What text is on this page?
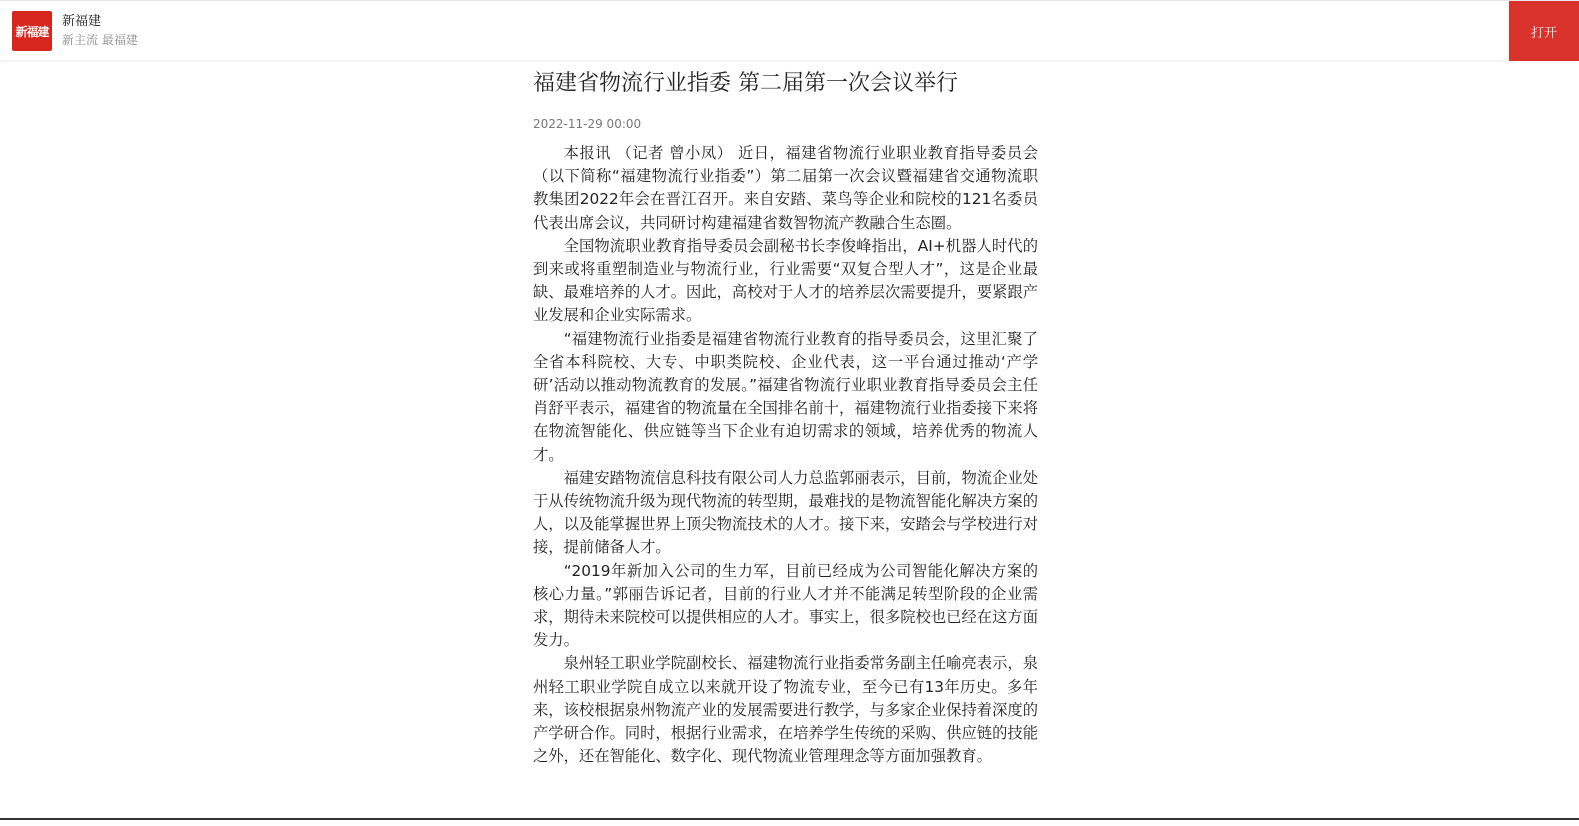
新福建
新福建
新主流 最福建	打开
福建省物流行业指委 第二届第一次会议举行
2022-11-29 00:00

本报讯 （记者 曾小凤） 近日，福建省物流行业职业教育指导委员会（以下简称“福建物流行业指委”）第二届第一次会议暨福建省交通物流职教集团2022年会在晋江召开。来自安踏、菜鸟等企业和院校的121名委员代表出席会议，共同研讨构建福建省数智物流产教融合生态圈。

全国物流职业教育指导委员会副秘书长李俊峰指出，AI+机器人时代的到来或将重塑制造业与物流行业，行业需要“双复合型人才”，这是企业最缺、最难培养的人才。因此，高校对于人才的培养层次需要提升，要紧跟产业发展和企业实际需求。

“福建物流行业指委是福建省物流行业教育的指导委员会，这里汇聚了全省本科院校、大专、中职类院校、企业代表，这一平台通过推动‘产学研’活动以推动物流教育的发展。”福建省物流行业职业教育指导委员会主任肖舒平表示，福建省的物流量在全国排名前十，福建物流行业指委接下来将在物流智能化、供应链等当下企业有迫切需求的领域，培养优秀的物流人才。

福建安踏物流信息科技有限公司人力总监郭丽表示，目前，物流企业处于从传统物流升级为现代物流的转型期，最难找的是物流智能化解决方案的人，以及能掌握世界上顶尖物流技术的人才。接下来，安踏会与学校进行对接，提前储备人才。

“2019年新加入公司的生力军，目前已经成为公司智能化解决方案的核心力量。”郭丽告诉记者，目前的行业人才并不能满足转型阶段的企业需求，期待未来院校可以提供相应的人才。事实上，很多院校也已经在这方面发力。

泉州轻工职业学院副校长、福建物流行业指委常务副主任喻亮表示，泉州轻工职业学院自成立以来就开设了物流专业，至今已有13年历史。多年来，该校根据泉州物流产业的发展需要进行教学，与多家企业保持着深度的产学研合作。同时，根据行业需求，在培养学生传统的采购、供应链的技能之外，还在智能化、数字化、现代物流业管理理念等方面加强教育。
